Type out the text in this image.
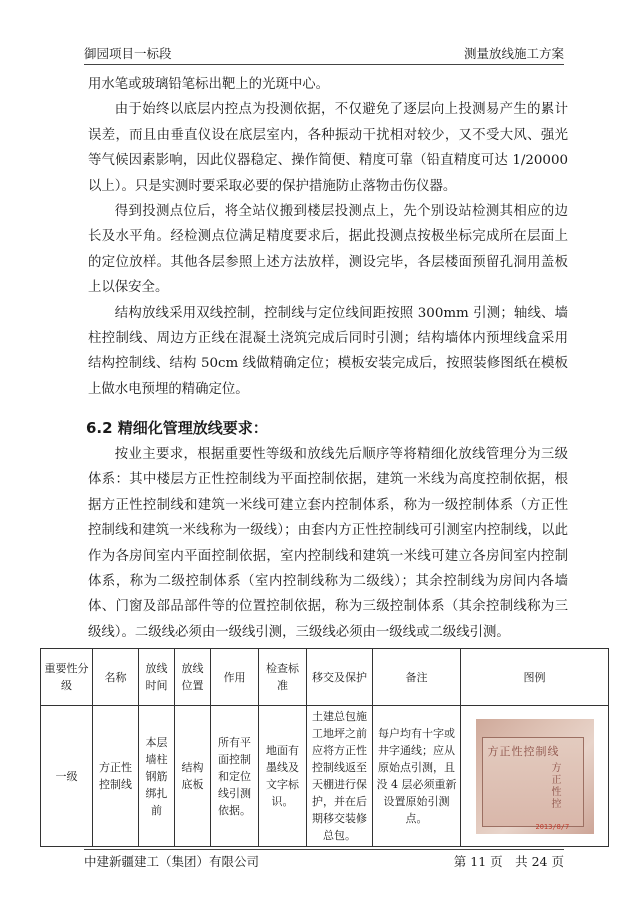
御园项目一标段	测量放线施工方案

用水笔或玻璃铅笔标出靶上的光斑中心。

由于始终以底层内控点为投测依据，不仅避免了逐层向上投测易产生的累计误差，而且由垂直仪设在底层室内，各种振动干扰相对较少，又不受大风、强光等气候因素影响，因此仪器稳定、操作简便、精度可靠（铅直精度可达 1/20000 以上）。只是实测时要采取必要的保护措施防止落物击伤仪器。

得到投测点位后，将全站仪搬到楼层投测点上，先个别设站检测其相应的边长及水平角。经检测点位满足精度要求后，据此投测点按极坐标完成所在层面上的定位放样。其他各层参照上述方法放样，测设完毕，各层楼面预留孔洞用盖板上以保安全。

结构放线采用双线控制，控制线与定位线间距按照 300mm 引测；轴线、墙柱控制线、周边方正线在混凝土浇筑完成后同时引测；结构墙体内预埋线盒采用结构控制线、结构 50cm 线做精确定位；模板安装完成后，按照装修图纸在模板上做水电预埋的精确定位。

6.2 精细化管理放线要求：

按业主要求，根据重要性等级和放线先后顺序等将精细化放线管理分为三级体系：其中楼层方正性控制线为平面控制依据，建筑一米线为高度控制依据，根据方正性控制线和建筑一米线可建立套内控制体系，称为一级控制体系（方正性控制线和建筑一米线称为一级线）；由套内方正性控制线可引测室内控制线，以此作为各房间室内平面控制依据，室内控制线和建筑一米线可建立各房间室内控制体系，称为二级控制体系（室内控制线称为二级线）；其余控制线为房间内各墙体、门窗及部品部件等的位置控制依据，称为三级控制体系（其余控制线称为三级线）。二级线必须由一级线引测，三级线必须由一级线或二级线引测。

重要性分级	名称	放线时间	放线位置	作用	检查标准	移交及保护	备注	图例
一级	方正性控制线	本层墙柱钢筋绑扎前	结构底板	所有平面控制和定位线引测依据。	地面有墨线及文字标识。	土建总包施工地坪之前应将方正性控制线返至天棚进行保护，并在后期移交装修总包。	每户均有十字或井字通线；应从原始点引测，且没 4 层必须重新设置原始引测点。	方正性控制线
方正性控
2013/8/7
中建新疆建工（集团）有限公司	第 11 页　共 24 页
